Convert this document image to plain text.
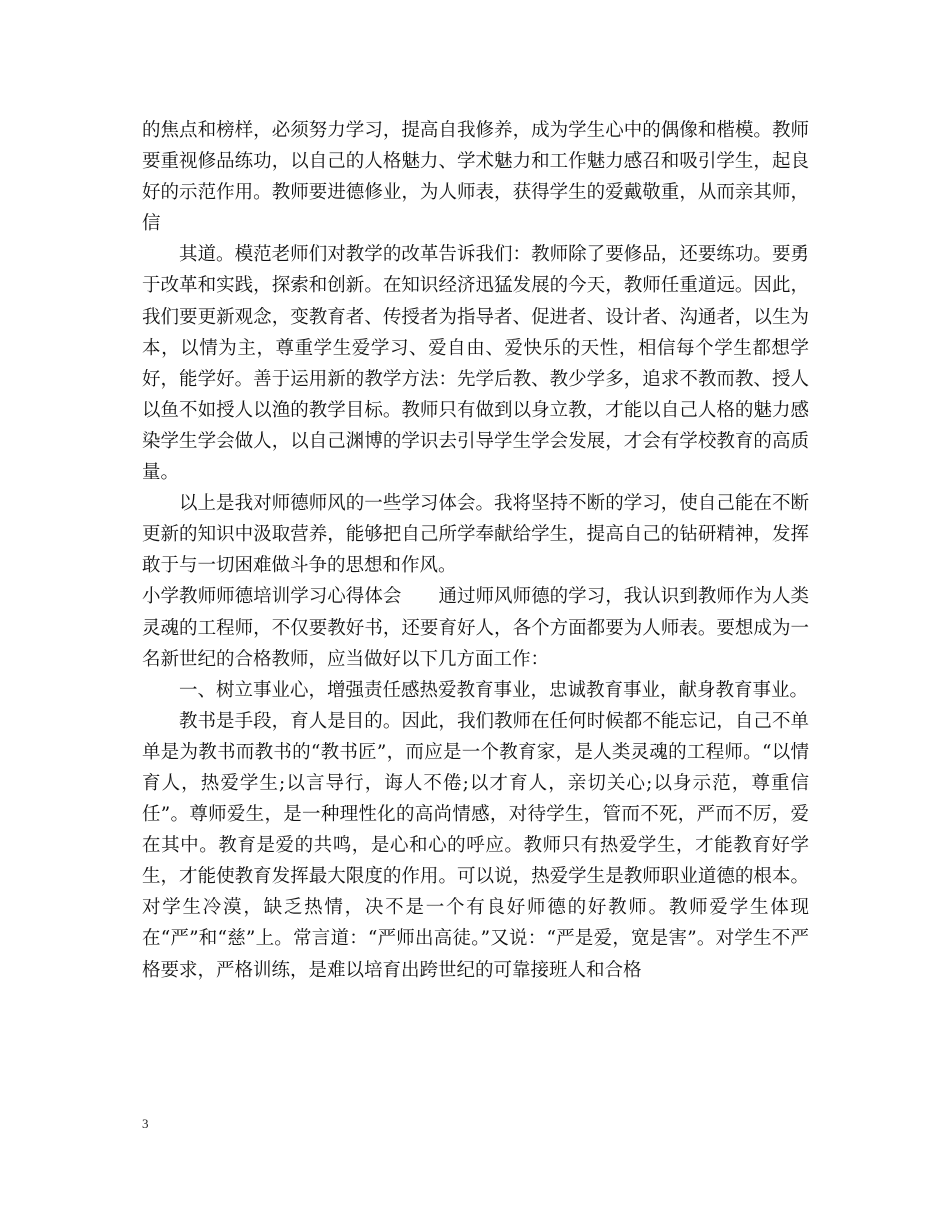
的焦点和榜样，必须努力学习，提高自我修养，成为学生心中的偶像和楷模。教师要重视修品练功，以自己的人格魅力、学术魅力和工作魅力感召和吸引学生，起良好的示范作用。教师要进德修业，为人师表，获得学生的爱戴敬重，从而亲其师，信

其道。模范老师们对教学的改革告诉我们：教师除了要修品，还要练功。要勇于改革和实践，探索和创新。在知识经济迅猛发展的今天，教师任重道远。因此，我们要更新观念，变教育者、传授者为指导者、促进者、设计者、沟通者，以生为本，以情为主，尊重学生爱学习、爱自由、爱快乐的天性，相信每个学生都想学好，能学好。善于运用新的教学方法：先学后教、教少学多，追求不教而教、授人以鱼不如授人以渔的教学目标。教师只有做到以身立教，才能以自己人格的魅力感染学生学会做人，以自己渊博的学识去引导学生学会发展，才会有学校教育的高质量。

以上是我对师德师风的一些学习体会。我将坚持不断的学习，使自己能在不断更新的知识中汲取营养，能够把自己所学奉献给学生，提高自己的钻研精神，发挥敢于与一切困难做斗争的思想和作风。

小学教师师德培训学习心得体会　　通过师风师德的学习，我认识到教师作为人类灵魂的工程师，不仅要教好书，还要育好人，各个方面都要为人师表。要想成为一名新世纪的合格教师，应当做好以下几方面工作：

一、树立事业心，增强责任感热爱教育事业，忠诚教育事业，献身教育事业。

教书是手段，育人是目的。因此，我们教师在任何时候都不能忘记，自己不单单是为教书而教书的“教书匠”，而应是一个教育家，是人类灵魂的工程师。“以情育人，热爱学生;以言导行，诲人不倦;以才育人，亲切关心;以身示范，尊重信任”。尊师爱生，是一种理性化的高尚情感，对待学生，管而不死，严而不厉，爱在其中。教育是爱的共鸣，是心和心的呼应。教师只有热爱学生，才能教育好学生，才能使教育发挥最大限度的作用。可以说，热爱学生是教师职业道德的根本。对学生冷漠，缺乏热情，决不是一个有良好师德的好教师。教师爱学生体现在“严”和“慈”上。常言道：“严师出高徒。”又说：“严是爱，宽是害”。对学生不严格要求，严格训练，是难以培育出跨世纪的可靠接班人和合格

3
